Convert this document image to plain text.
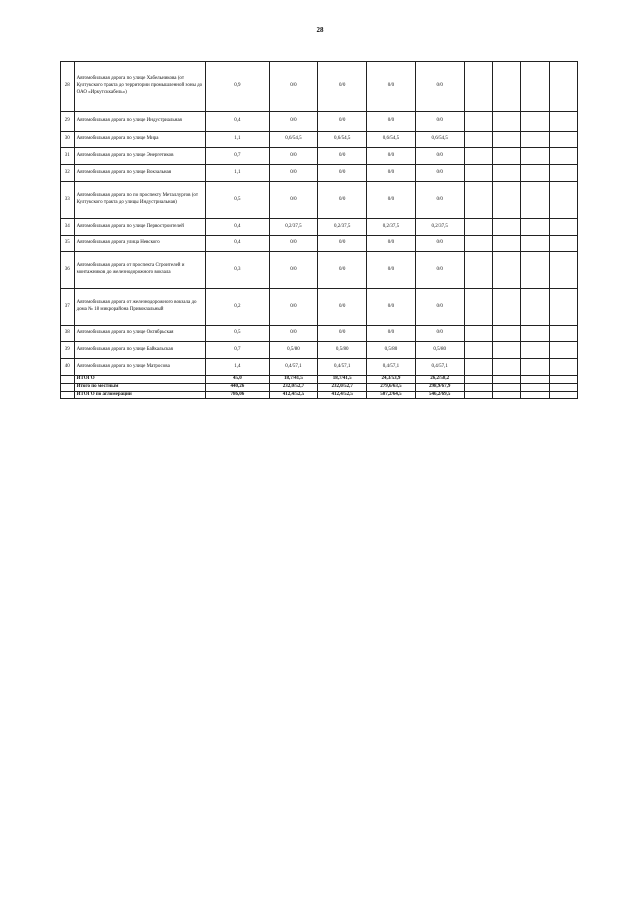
28
28	Автомобильная дорога по улице Хабельникова (от Култукского тракта до территории промышленной зоны до ОАО «Иркутсккабель»)	0,9	0/0	0/0	0/0	0/0				
29	Автомобильная дорога по улице Индустриальная	0,4	0/0	0/0	0/0	0/0				
30	Автомобильная дорога по улице Мира	1,1	0,6/54,5	0,6/54,5	0,6/54,5	0,6/54,5				
31	Автомобильная дорога по улице Энергетиков	0,7	0/0	0/0	0/0	0/0				
32	Автомобильная дорога по улице Вокзальная	1,1	0/0	0/0	0/0	0/0				
33	Автомобильная дорога по по проспекту Металлургов (от Култукского тракта до улицы Индустриальная)	0,5	0/0	0/0	0/0	0/0				
34	Автомобильная дорога по улице Первостроителей	0,4	0,2/37,5	0,2/37,5	0,2/37,5	0,2/37,5				
35	Автомобильная дорога улица Невского	0,4	0/0	0/0	0/0	0/0				
36	Автомобильная дорога от проспекта Строителей и монтажников до железнодорожного вокзала	0,3	0/0	0/0	0/0	0/0				
37	Автомобильная дорога от железнодорожного вокзала до дома № 18 микрорайона Привокзальный	0,2	0/0	0/0	0/0	0/0				
38	Автомобильная дорога по улице Октябрьская	0,5	0/0	0/0	0/0	0/0				
39	Автомобильная дорога по улице Байкальская	0,7	0,5/80	0,5/80	0,5/80	0,5/80				
40	Автомобильная дорога по улице Матросова	1,4	0,4/57,1	0,4/57,1	0,4/57,1	0,4/57,1				
	ИТОГО	45,0	18,7/41,5	18,7/41,5	24,3/53,9	26,2/58,2				
	Итого по местным	440,26	232,0/52,7	232,0/52,7	279,6/63,5	298,9/67,9				
	ИТОГО по агломерации	786,06	412,4/52,5	412,4/52,5	507,2/64,5	546,2/69,5				
